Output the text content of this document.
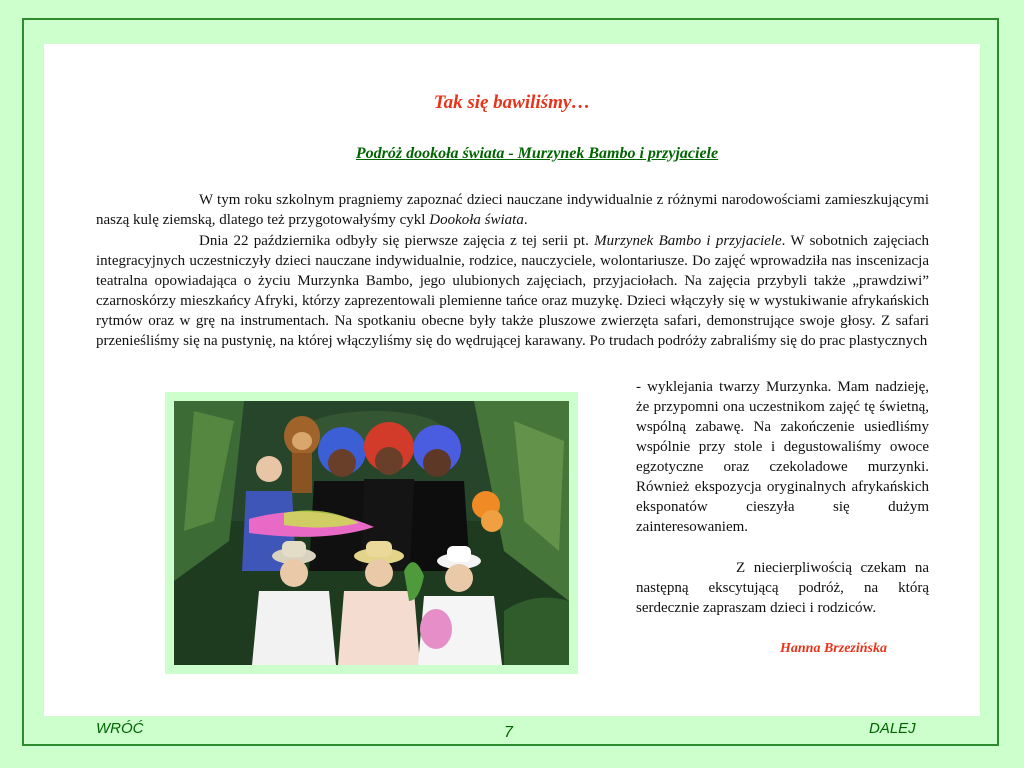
Tak się bawiliśmy…
Podróż dookoła świata - Murzynek Bambo i przyjaciele

W tym roku szkolnym pragniemy zapoznać dzieci nauczane indywidualnie z różnymi narodowościami zamieszkującymi naszą kulę ziemską, dlatego też przygotowałyśmy cykl Dookoła świata.

Dnia 22 października odbyły się pierwsze zajęcia z tej serii pt. Murzynek Bambo i przyjaciele. W sobotnich zajęciach integracyjnych uczestniczyły dzieci nauczane indywidualnie, rodzice, nauczyciele, wolontariusze. Do zajęć wprowadziła nas inscenizacja teatralna opowiadająca o życiu Murzynka Bambo, jego ulubionych zajęciach, przyjaciołach. Na zajęcia przybyli także „prawdziwi” czarnoskórzy mieszkańcy Afryki, którzy zaprezentowali plemienne tańce oraz muzykę. Dzieci włączyły się w wystukiwanie afrykańskich rytmów oraz w grę na instrumentach. Na spotkaniu obecne były także pluszowe zwierzęta safari, demonstrujące swoje głosy. Z safari przenieśliśmy się na pustynię, na której włączyliśmy się do wędrującej karawany. Po trudach podróży zabraliśmy się do prac plastycznych

- wyklejania twarzy Murzynka. Mam nadzieję, że przypomni ona uczestnikom zajęć tę świetną, wspólną zabawę. Na zakończenie usiedliśmy wspólnie przy stole i degustowaliśmy owoce egzotyczne oraz czekoladowe murzynki. Również ekspozycja oryginalnych afrykańskich eksponatów cieszyła się dużym zainteresowaniem.

Z niecierpliwością czekam na następną ekscytującą podróż, na którą serdecznie zapraszam dzieci i rodziców.

Hanna Brzezińska
WRÓĆ	7	DALEJ
